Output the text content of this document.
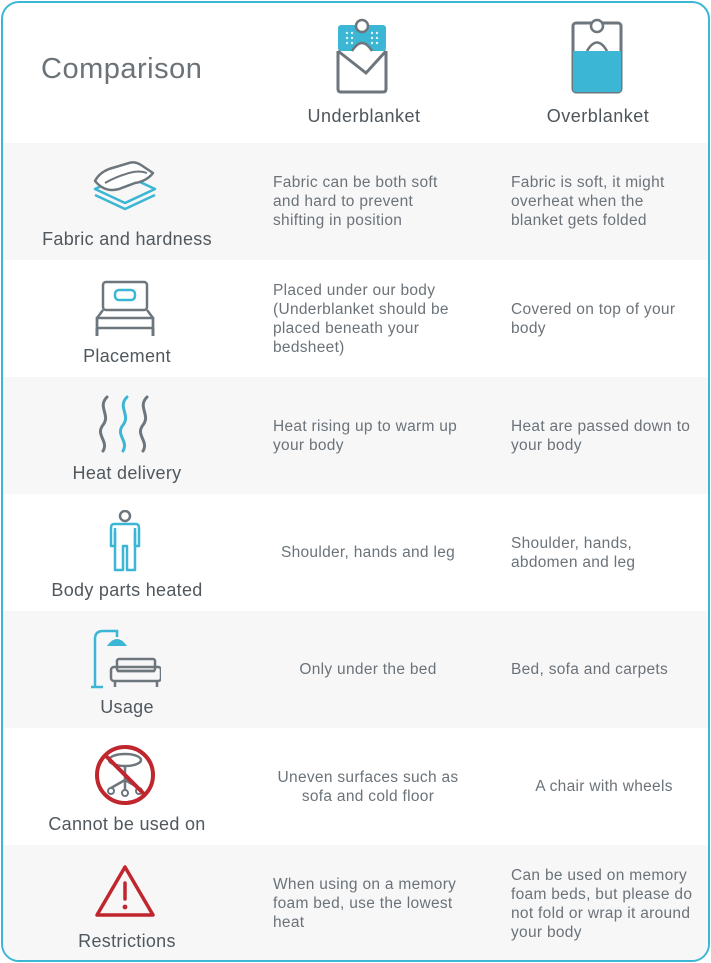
Comparison
Underblanket	Overblanket
Fabric and hardness
Fabric can be both soft and hard to prevent shifting in position
Fabric is soft, it might overheat when the blanket gets folded
Placement
Placed under our body (Underblanket should be placed beneath your bedsheet)
Covered on top of your body
Heat delivery
Heat rising up to warm up your body
Heat are passed down to your body
Body parts heated
Shoulder, hands and leg
Shoulder, hands, abdomen and leg
Usage
Only under the bed	Bed, sofa and carpets
Cannot be used on
Uneven surfaces such as sofa and cold floor
A chair with wheels
Restrictions
When using on a memory foam bed, use the lowest heat
Can be used on memory foam beds, but please do not fold or wrap it around your body
